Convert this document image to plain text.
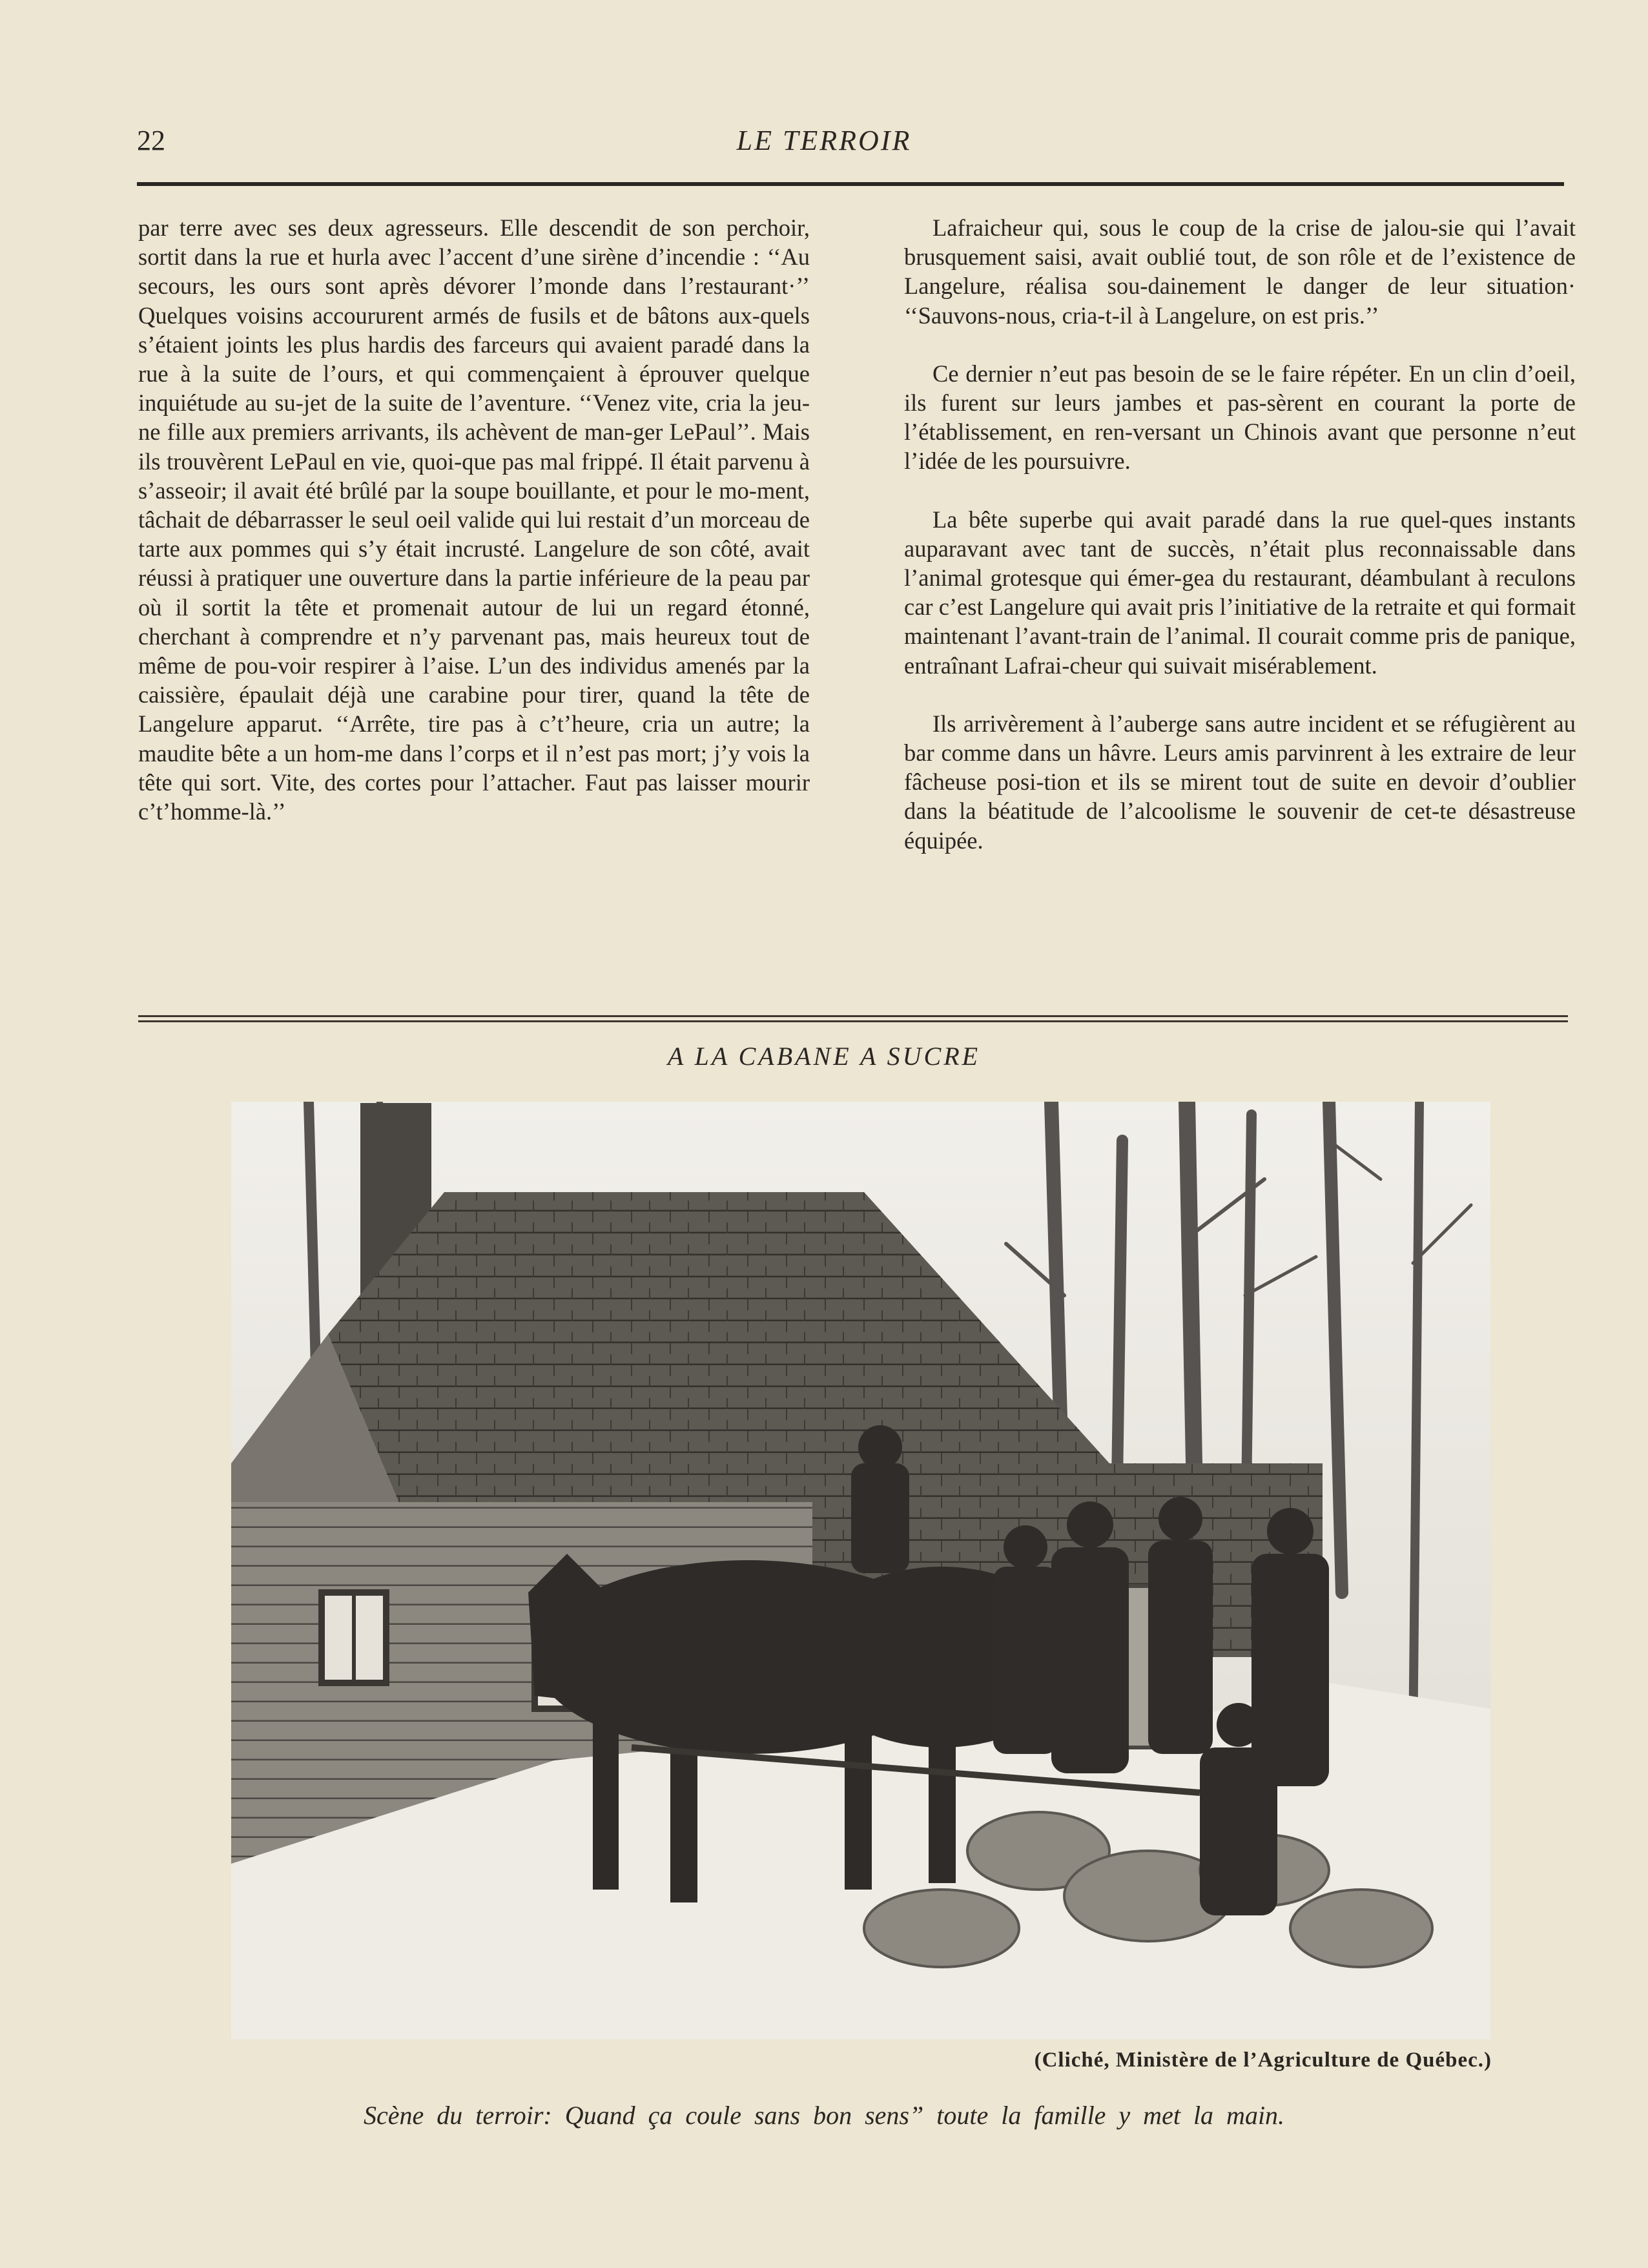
22	LE TERROIR

par terre avec ses deux agresseurs. Elle descendit de son perchoir, sortit dans la rue et hurla avec l’accent d’une sirène d’incendie : ‘‘Au secours, les ours sont après dévorer l’monde dans l’restaurant·’’ Quelques voisins accoururent armés de fusils et de bâtons aux-quels s’étaient joints les plus hardis des farceurs qui avaient paradé dans la rue à la suite de l’ours, et qui commençaient à éprouver quelque inquiétude au su-jet de la suite de l’aventure. ‘‘Venez vite, cria la jeu-ne fille aux premiers arrivants, ils achèvent de man-ger LePaul’’. Mais ils trouvèrent LePaul en vie, quoi-que pas mal frippé. Il était parvenu à s’asseoir; il avait été brûlé par la soupe bouillante, et pour le mo-ment, tâchait de débarrasser le seul oeil valide qui lui restait d’un morceau de tarte aux pommes qui s’y était incrusté. Langelure de son côté, avait réussi à pratiquer une ouverture dans la partie inférieure de la peau par où il sortit la tête et promenait autour de lui un regard étonné, cherchant à comprendre et n’y parvenant pas, mais heureux tout de même de pou-voir respirer à l’aise. L’un des individus amenés par la caissière, épaulait déjà une carabine pour tirer, quand la tête de Langelure apparut. ‘‘Arrête, tire pas à c’t’heure, cria un autre; la maudite bête a un hom-me dans l’corps et il n’est pas mort; j’y vois la tête qui sort. Vite, des cortes pour l’attacher. Faut pas laisser mourir c’t’homme-là.’’

Lafraicheur qui, sous le coup de la crise de jalou-sie qui l’avait brusquement saisi, avait oublié tout, de son rôle et de l’existence de Langelure, réalisa sou-dainement le danger de leur situation· ‘‘Sauvons-nous, cria-t-il à Langelure, on est pris.’’

Ce dernier n’eut pas besoin de se le faire répéter. En un clin d’oeil, ils furent sur leurs jambes et pas-sèrent en courant la porte de l’établissement, en ren-versant un Chinois avant que personne n’eut l’idée de les poursuivre.

La bête superbe qui avait paradé dans la rue quel-ques instants auparavant avec tant de succès, n’était plus reconnaissable dans l’animal grotesque qui émer-gea du restaurant, déambulant à reculons car c’est Langelure qui avait pris l’initiative de la retraite et qui formait maintenant l’avant-train de l’animal. Il courait comme pris de panique, entraînant Lafrai-cheur qui suivait misérablement.

Ils arrivèrement à l’auberge sans autre incident et se réfugièrent au bar comme dans un hâvre. Leurs amis parvinrent à les extraire de leur fâcheuse posi-tion et ils se mirent tout de suite en devoir d’oublier dans la béatitude de l’alcoolisme le souvenir de cet-te désastreuse équipée.

A LA CABANE A SUCRE
(Cliché, Ministère de l’Agriculture de Québec.)
Scène du terroir: Quand ça coule sans bon sens” toute la famille y met la main.
